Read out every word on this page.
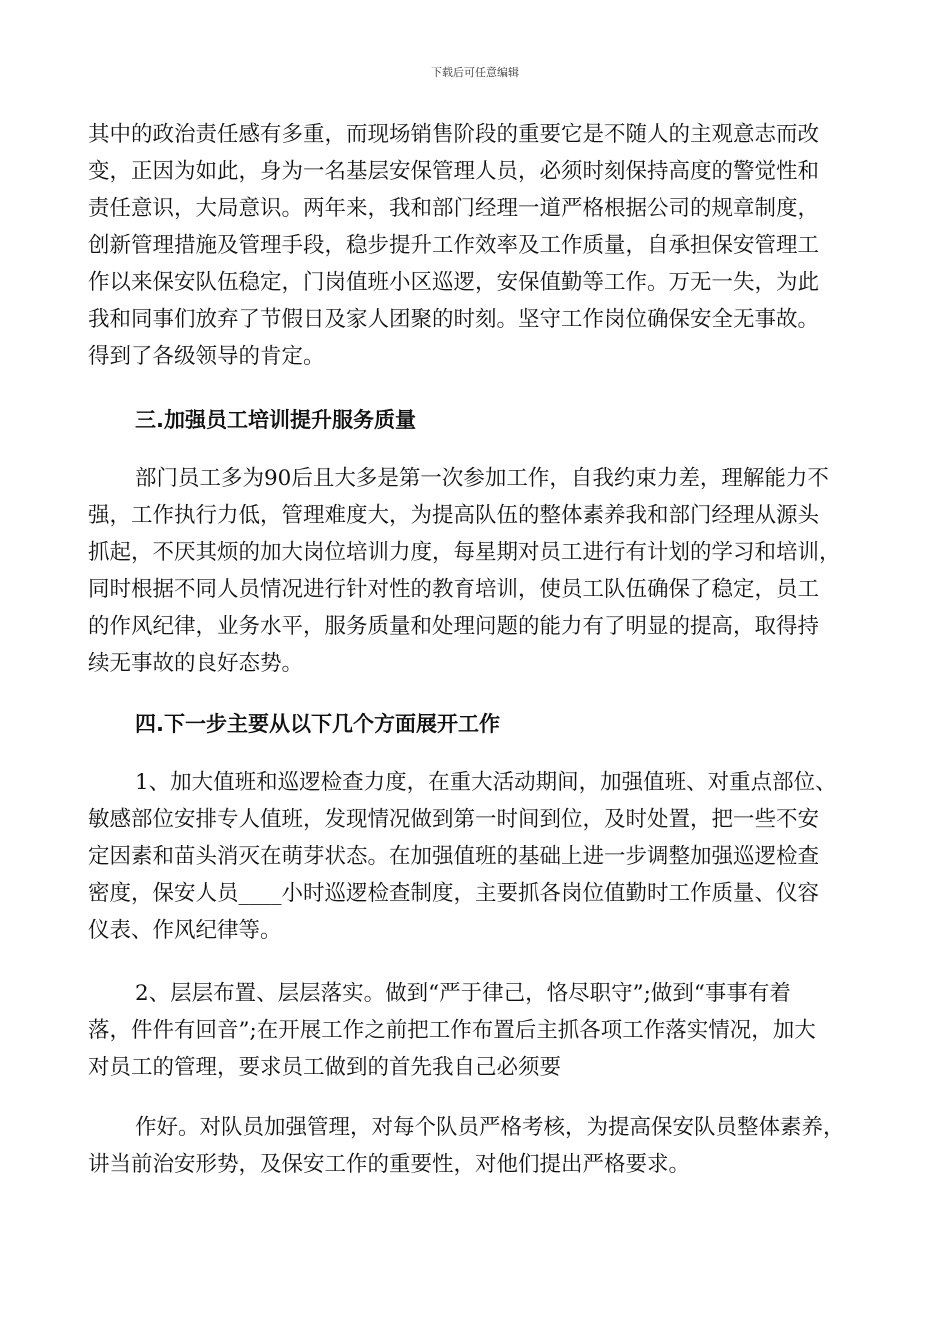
下载后可任意编辑
其中的政治责任感有多重，而现场销售阶段的重要它是不随人的主观意志而改
变，正因为如此，身为一名基层安保管理人员，必须时刻保持高度的警觉性和
责任意识，大局意识。两年来，我和部门经理一道严格根据公司的规章制度，
创新管理措施及管理手段，稳步提升工作效率及工作质量，自承担保安管理工
作以来保安队伍稳定，门岗值班小区巡逻，安保值勤等工作。万无一失，为此
我和同事们放弃了节假日及家人团聚的时刻。坚守工作岗位确保安全无事故。
得到了各级领导的肯定。
三.加强员工培训提升服务质量
部门员工多为90后且大多是第一次参加工作，自我约束力差，理解能力不
强，工作执行力低，管理难度大，为提高队伍的整体素养我和部门经理从源头
抓起，不厌其烦的加大岗位培训力度，每星期对员工进行有计划的学习和培训，
同时根据不同人员情况进行针对性的教育培训，使员工队伍确保了稳定，员工
的作风纪律，业务水平，服务质量和处理问题的能力有了明显的提高，取得持
续无事故的良好态势。
四.下一步主要从以下几个方面展开工作
1、加大值班和巡逻检查力度，在重大活动期间，加强值班、对重点部位、
敏感部位安排专人值班，发现情况做到第一时间到位，及时处置，把一些不安
定因素和苗头消灭在萌芽状态。在加强值班的基础上进一步调整加强巡逻检查
密度，保安人员____小时巡逻检查制度，主要抓各岗位值勤时工作质量、仪容
仪表、作风纪律等。
2、层层布置、层层落实。做到“严于律己，恪尽职守”;做到“事事有着
落，件件有回音”;在开展工作之前把工作布置后主抓各项工作落实情况，加大
对员工的管理，要求员工做到的首先我自己必须要
作好。对队员加强管理，对每个队员严格考核，为提高保安队员整体素养，
讲当前治安形势，及保安工作的重要性，对他们提出严格要求。
